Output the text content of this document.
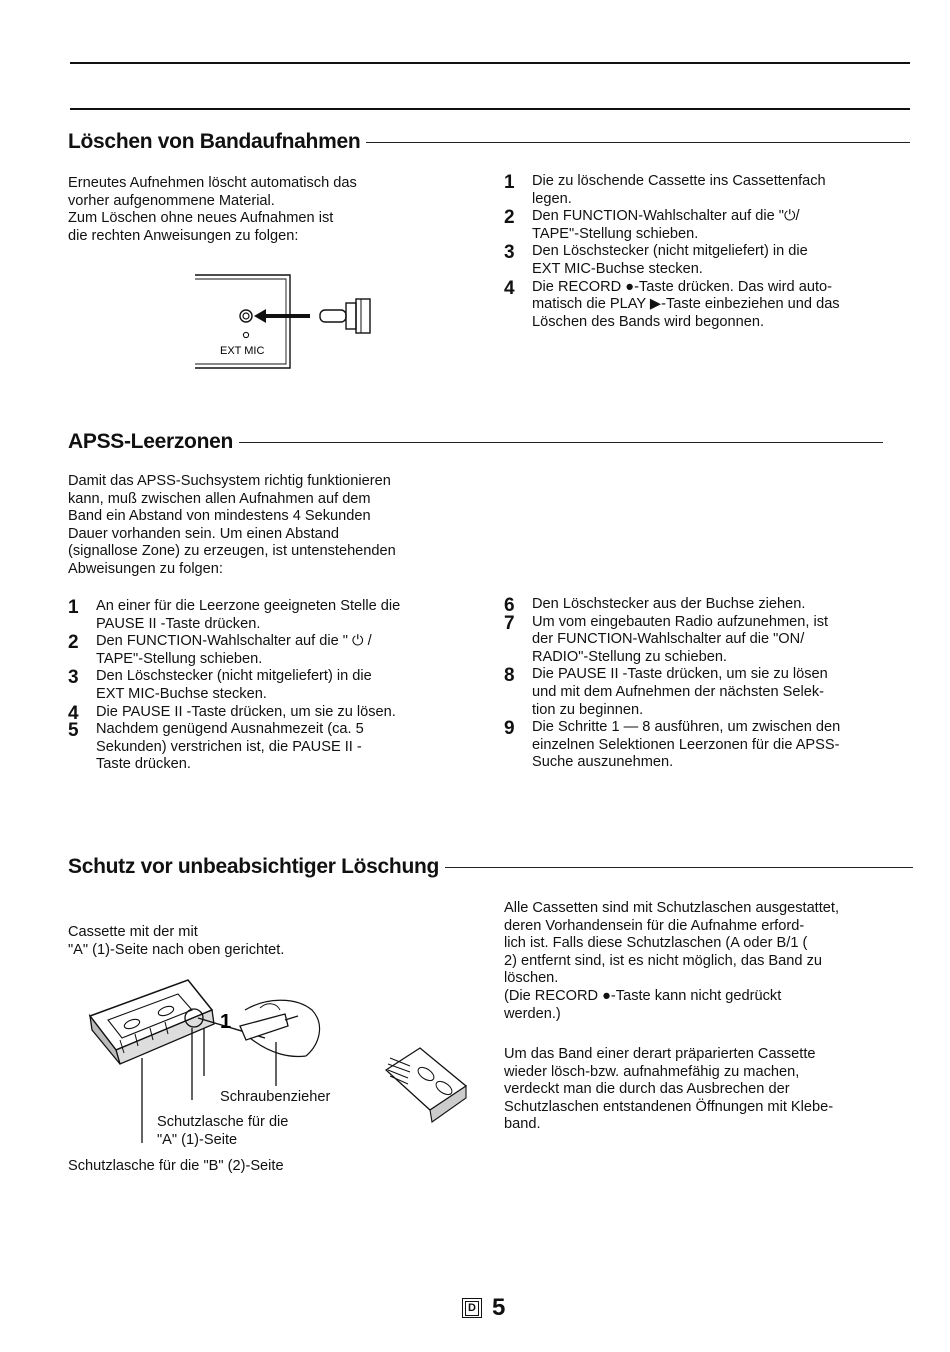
Löschen von Bandaufnahmen

Erneutes Aufnehmen löscht automatisch das
vorher aufgenommene Material.
Zum Löschen ohne neues Aufnahmen ist
die rechten Anweisungen zu folgen:

EXT MIC
1 Die zu löschende Cassette ins Cassettenfach
legen.
2 Den FUNCTION-Wahlschalter auf die "⏻/
TAPE"-Stellung schieben.
3 Den Löschstecker (nicht mitgeliefert) in die
EXT MIC-Buchse stecken.
4 Die RECORD ●-Taste drücken. Das wird auto-
matisch die PLAY ▶-Taste einbeziehen und das
Löschen des Bands wird begonnen.
APSS-Leerzonen

Damit das APSS-Suchsystem richtig funktionieren
kann, muß zwischen allen Aufnahmen auf dem
Band ein Abstand von mindestens 4 Sekunden
Dauer vorhanden sein. Um einen Abstand
(signallose Zone) zu erzeugen, ist untenstehenden
Abweisungen zu folgen:

1 An einer für die Leerzone geeigneten Stelle die
PAUSE II -Taste drücken.
2 Den FUNCTION-Wahlschalter auf die " ⏻ /
TAPE"-Stellung schieben.
3 Den Löschstecker (nicht mitgeliefert) in die
EXT MIC-Buchse stecken.
4 Die PAUSE II -Taste drücken, um sie zu lösen.
5 Nachdem genügend Ausnahmezeit (ca. 5
Sekunden) verstrichen ist, die PAUSE II -
Taste drücken.
6 Den Löschstecker aus der Buchse ziehen.
7 Um vom eingebauten Radio aufzunehmen, ist
der FUNCTION-Wahlschalter auf die "ON/
RADIO"-Stellung zu schieben.
8 Die PAUSE II -Taste drücken, um sie zu lösen
und mit dem Aufnehmen der nächsten Selek-
tion zu beginnen.
9 Die Schritte 1 — 8 ausführen, um zwischen den
einzelnen Selektionen Leerzonen für die APSS-
Suche auszunehmen.
Schutz vor unbeabsichtiger Löschung
Cassette mit der mit
"A" (1)-Seite nach oben gerichtet.
1
Schraubenzieher
Schutzlasche für die
"A" (1)-Seite
Schutzlasche für die "B" (2)-Seite

Alle Cassetten sind mit Schutzlaschen ausgestattet,
deren Vorhandensein für die Aufnahme erford-
lich ist. Falls diese Schutzlaschen (A oder B/1 (
2) entfernt sind, ist es nicht möglich, das Band zu
löschen.
(Die RECORD ●-Taste kann nicht gedrückt
werden.)

Um das Band einer derart präparierten Cassette
wieder lösch-bzw. aufnahmefähig zu machen,
verdeckt man die durch das Ausbrechen der
Schutzlaschen entstandenen Öffnungen mit Klebe-
band.

D 5
